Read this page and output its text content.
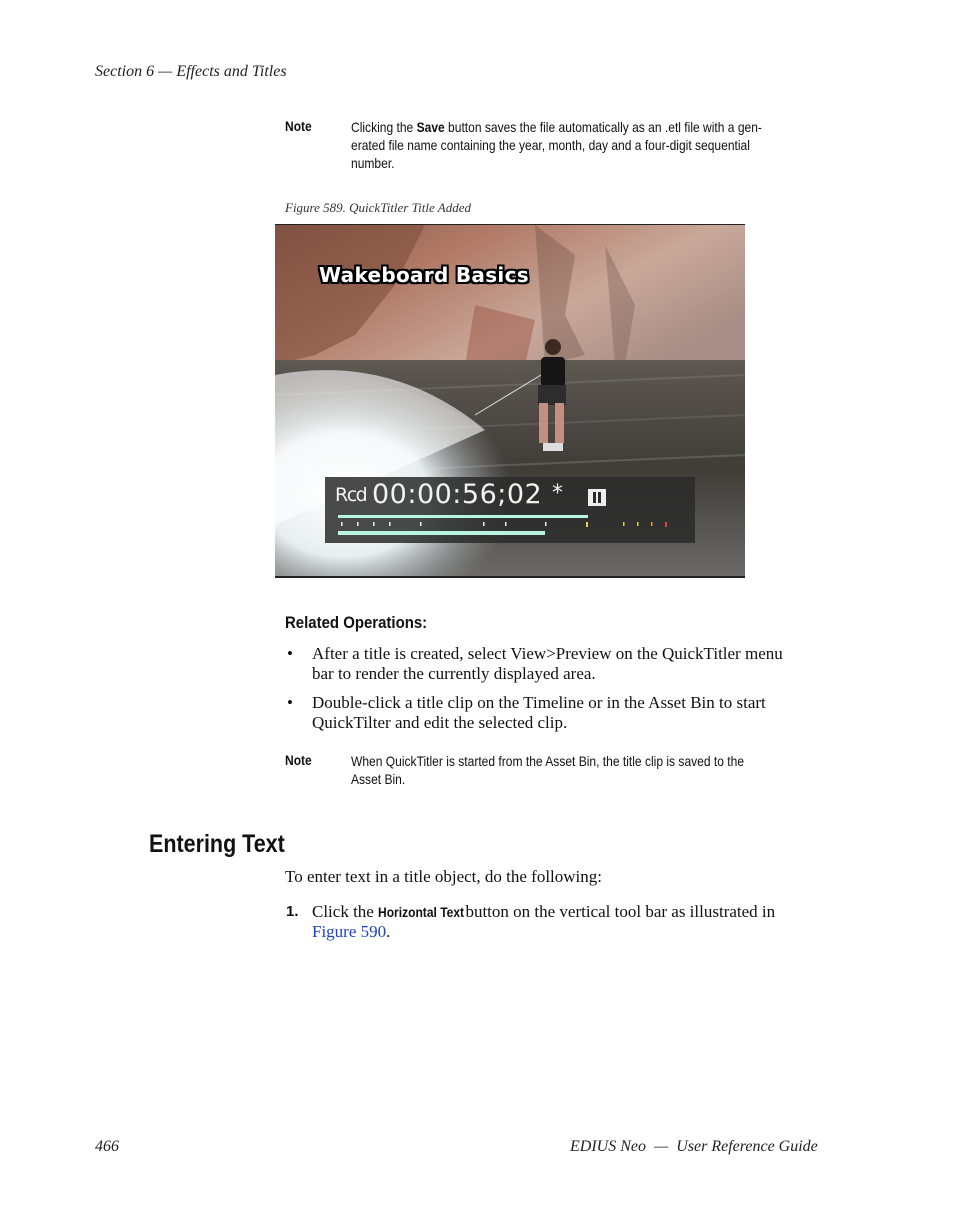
Section 6 — Effects and Titles
Note	Clicking the Save button saves the file automatically as an .etl file with a gen-
erated file name containing the year, month, day and a four-digit sequential
number.
Figure 589. QuickTitler Title Added
Wakeboard Basics
Rcd 00:00:56;02 *
Related Operations:
• After a title is created, select View>Preview on the QuickTitler menu
bar to render the currently displayed area.
• Double-click a title clip on the Timeline or in the Asset Bin to start
QuickTilter and edit the selected clip.
Note	When QuickTitler is started from the Asset Bin, the title clip is saved to the
Asset Bin.
Entering Text
To enter text in a title object, do the following:
1. Click the Horizontal Text button on the vertical tool bar as illustrated in
Figure 590.
466	EDIUS Neo  —  User Reference Guide
